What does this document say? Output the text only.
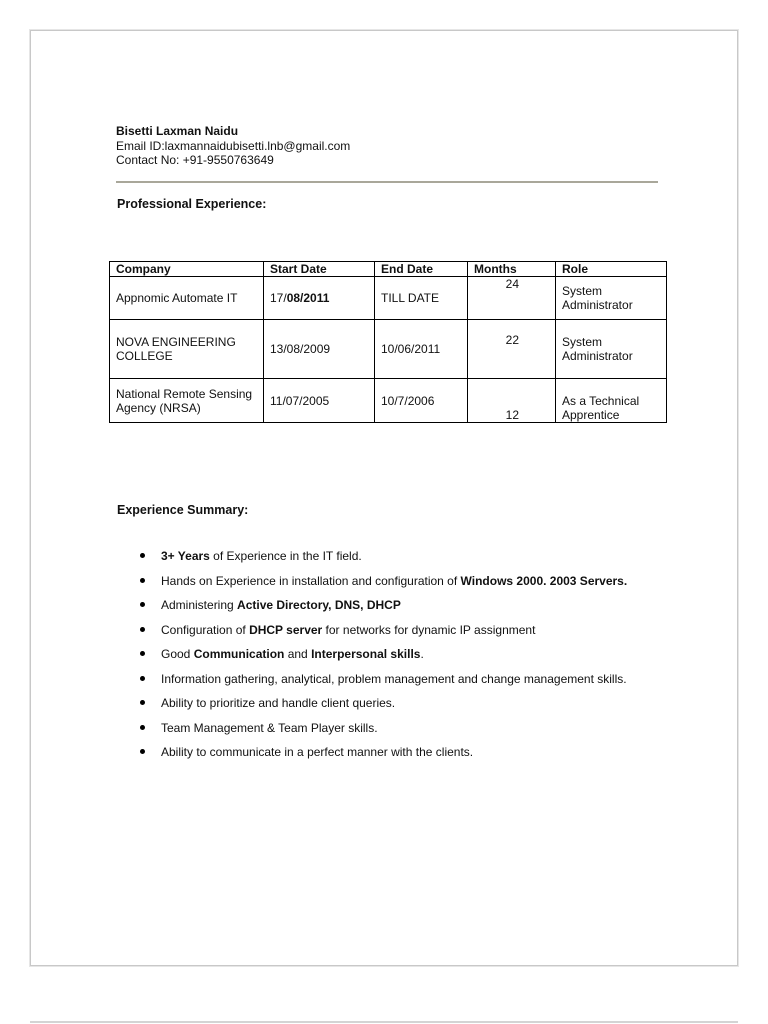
Bisetti Laxman Naidu
Email ID:laxmannaidubisetti.lnb@gmail.com
Contact No: +91-9550763649
Professional Experience:
Company	Start Date	End Date	Months	Role
Appnomic Automate IT	17/08/2011	TILL DATE	24	System Administrator
NOVA ENGINEERING COLLEGE	13/08/2009	10/06/2011	22	System Administrator
National Remote Sensing Agency (NRSA)	11/07/2005	10/7/2006	12	As a Technical Apprentice
Experience Summary:
3+ Years of Experience in the IT field.
Hands on Experience in installation and configuration of Windows 2000. 2003 Servers.
Administering Active Directory, DNS, DHCP
Configuration of DHCP server for networks for dynamic IP assignment
Good Communication and Interpersonal skills.
Information gathering, analytical, problem management and change management skills.
Ability to prioritize and handle client queries.
Team Management & Team Player skills.
Ability to communicate in a perfect manner with the clients.
